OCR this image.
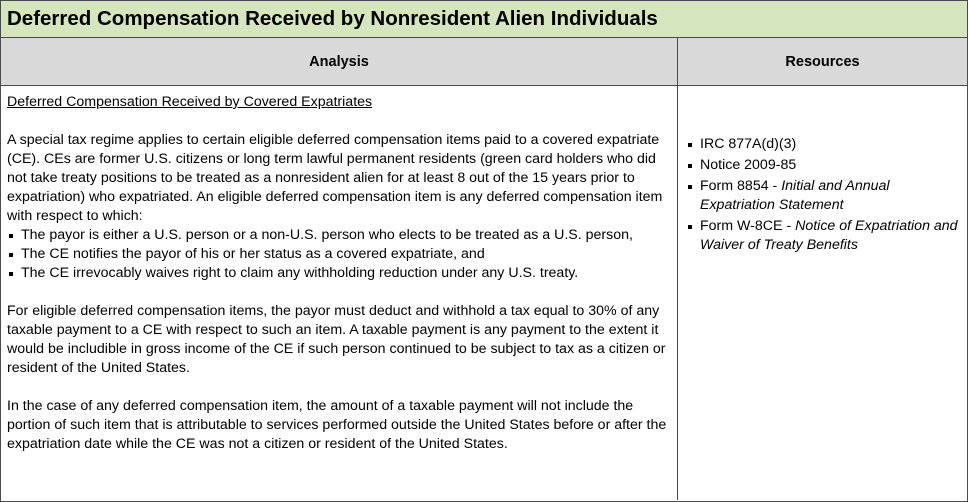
Deferred Compensation Received by Nonresident Alien Individuals
Analysis	Resources

Deferred Compensation Received by Covered Expatriates

A special tax regime applies to certain eligible deferred compensation items paid to a covered expatriate (CE). CEs are former U.S. citizens or long term lawful permanent residents (green card holders who did not take treaty positions to be treated as a nonresident alien for at least 8 out of the 15 years prior to expatriation) who expatriated. An eligible deferred compensation item is any deferred compensation item with respect to which:

The payor is either a U.S. person or a non-U.S. person who elects to be treated as a U.S. person,
The CE notifies the payor of his or her status as a covered expatriate, and
The CE irrevocably waives right to claim any withholding reduction under any U.S. treaty.

For eligible deferred compensation items, the payor must deduct and withhold a tax equal to 30% of any taxable payment to a CE with respect to such an item. A taxable payment is any payment to the extent it would be includible in gross income of the CE if such person continued to be subject to tax as a citizen or resident of the United States.

In the case of any deferred compensation item, the amount of a taxable payment will not include the portion of such item that is attributable to services performed outside the United States before or after the expatriation date while the CE was not a citizen or resident of the United States.

IRC 877A(d)(3)
Notice 2009-85
Form 8854 - Initial and Annual Expatriation Statement
Form W-8CE - Notice of Expatriation and Waiver of Treaty Benefits
